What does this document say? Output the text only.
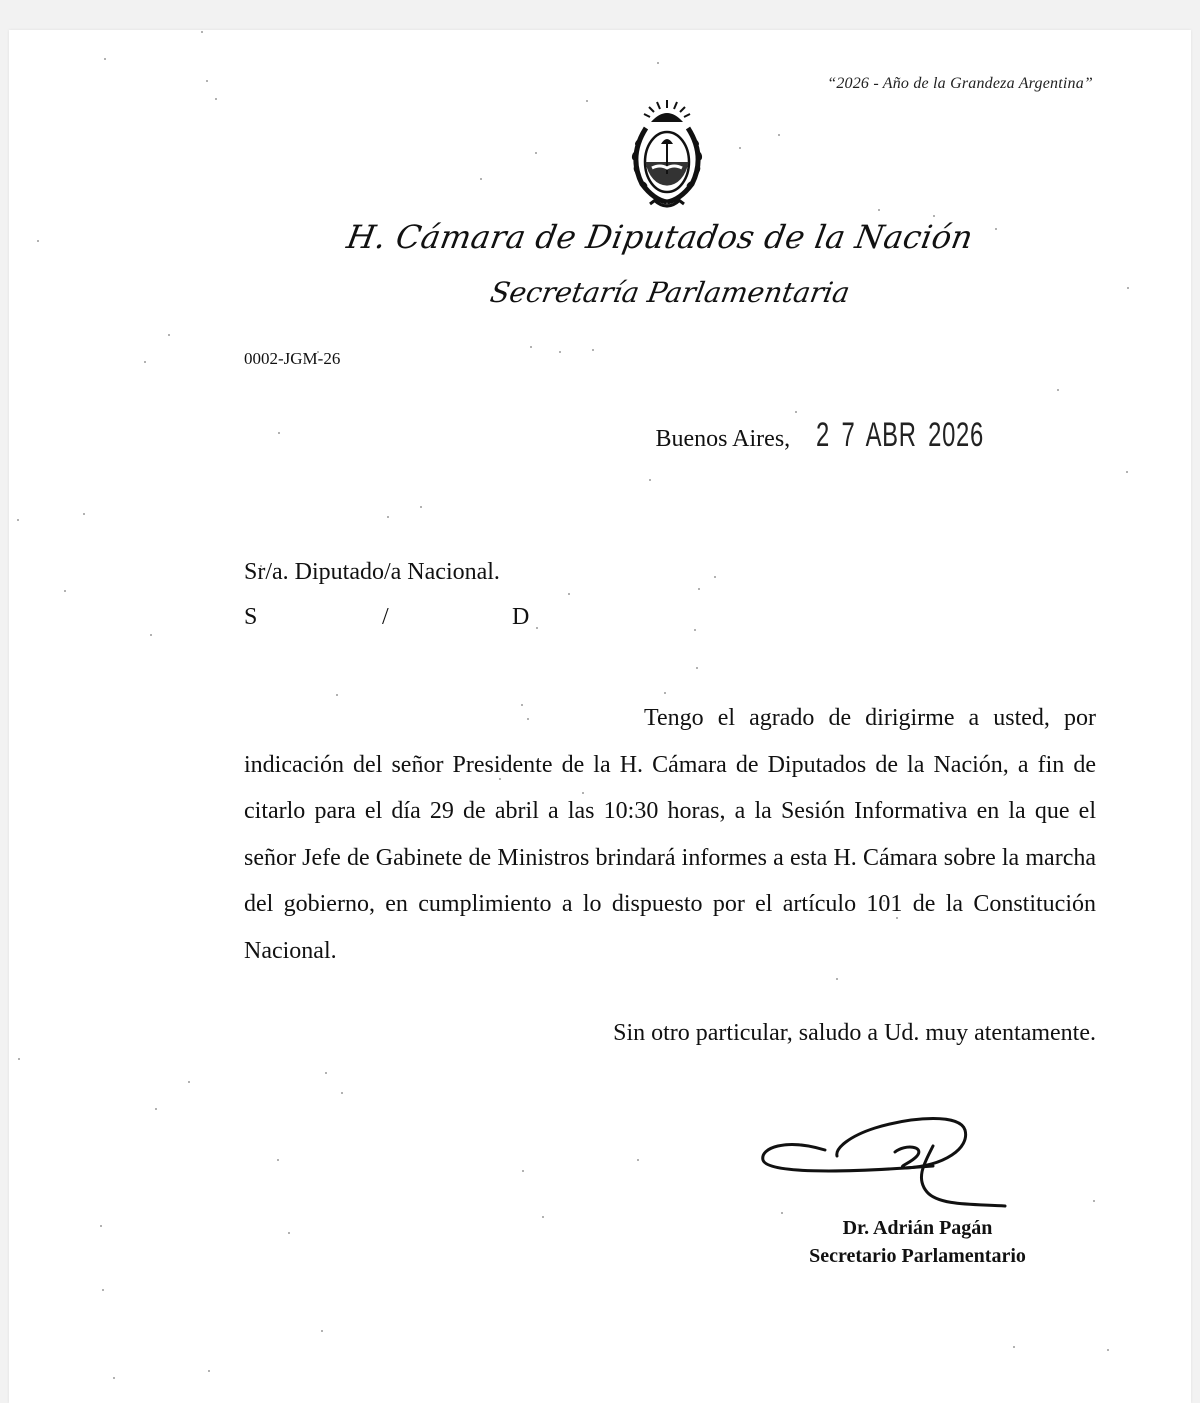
“2026 - Año de la Grandeza Argentina”
H. Cámara de Diputados de la Nación
Secretaría Parlamentaria
0002-JGM-26
Buenos Aires, 2 7 ABR 2026
Sr/a. Diputado/a Nacional.
S	/	D
Tengo el agrado de dirigirme a usted, por indicación del señor Presidente de la H. Cámara de Diputados de la Nación, a fin de citarlo para el día 29 de abril a las 10:30 horas, a la Sesión Informativa en la que el señor Jefe de Gabinete de Ministros brindará informes a esta H. Cámara sobre la marcha del gobierno, en cumplimiento a lo dispuesto por el artículo 101 de la Constitución Nacional.
Sin otro particular, saludo a Ud. muy atentamente.
Dr. Adrián Pagán
Secretario Parlamentario
